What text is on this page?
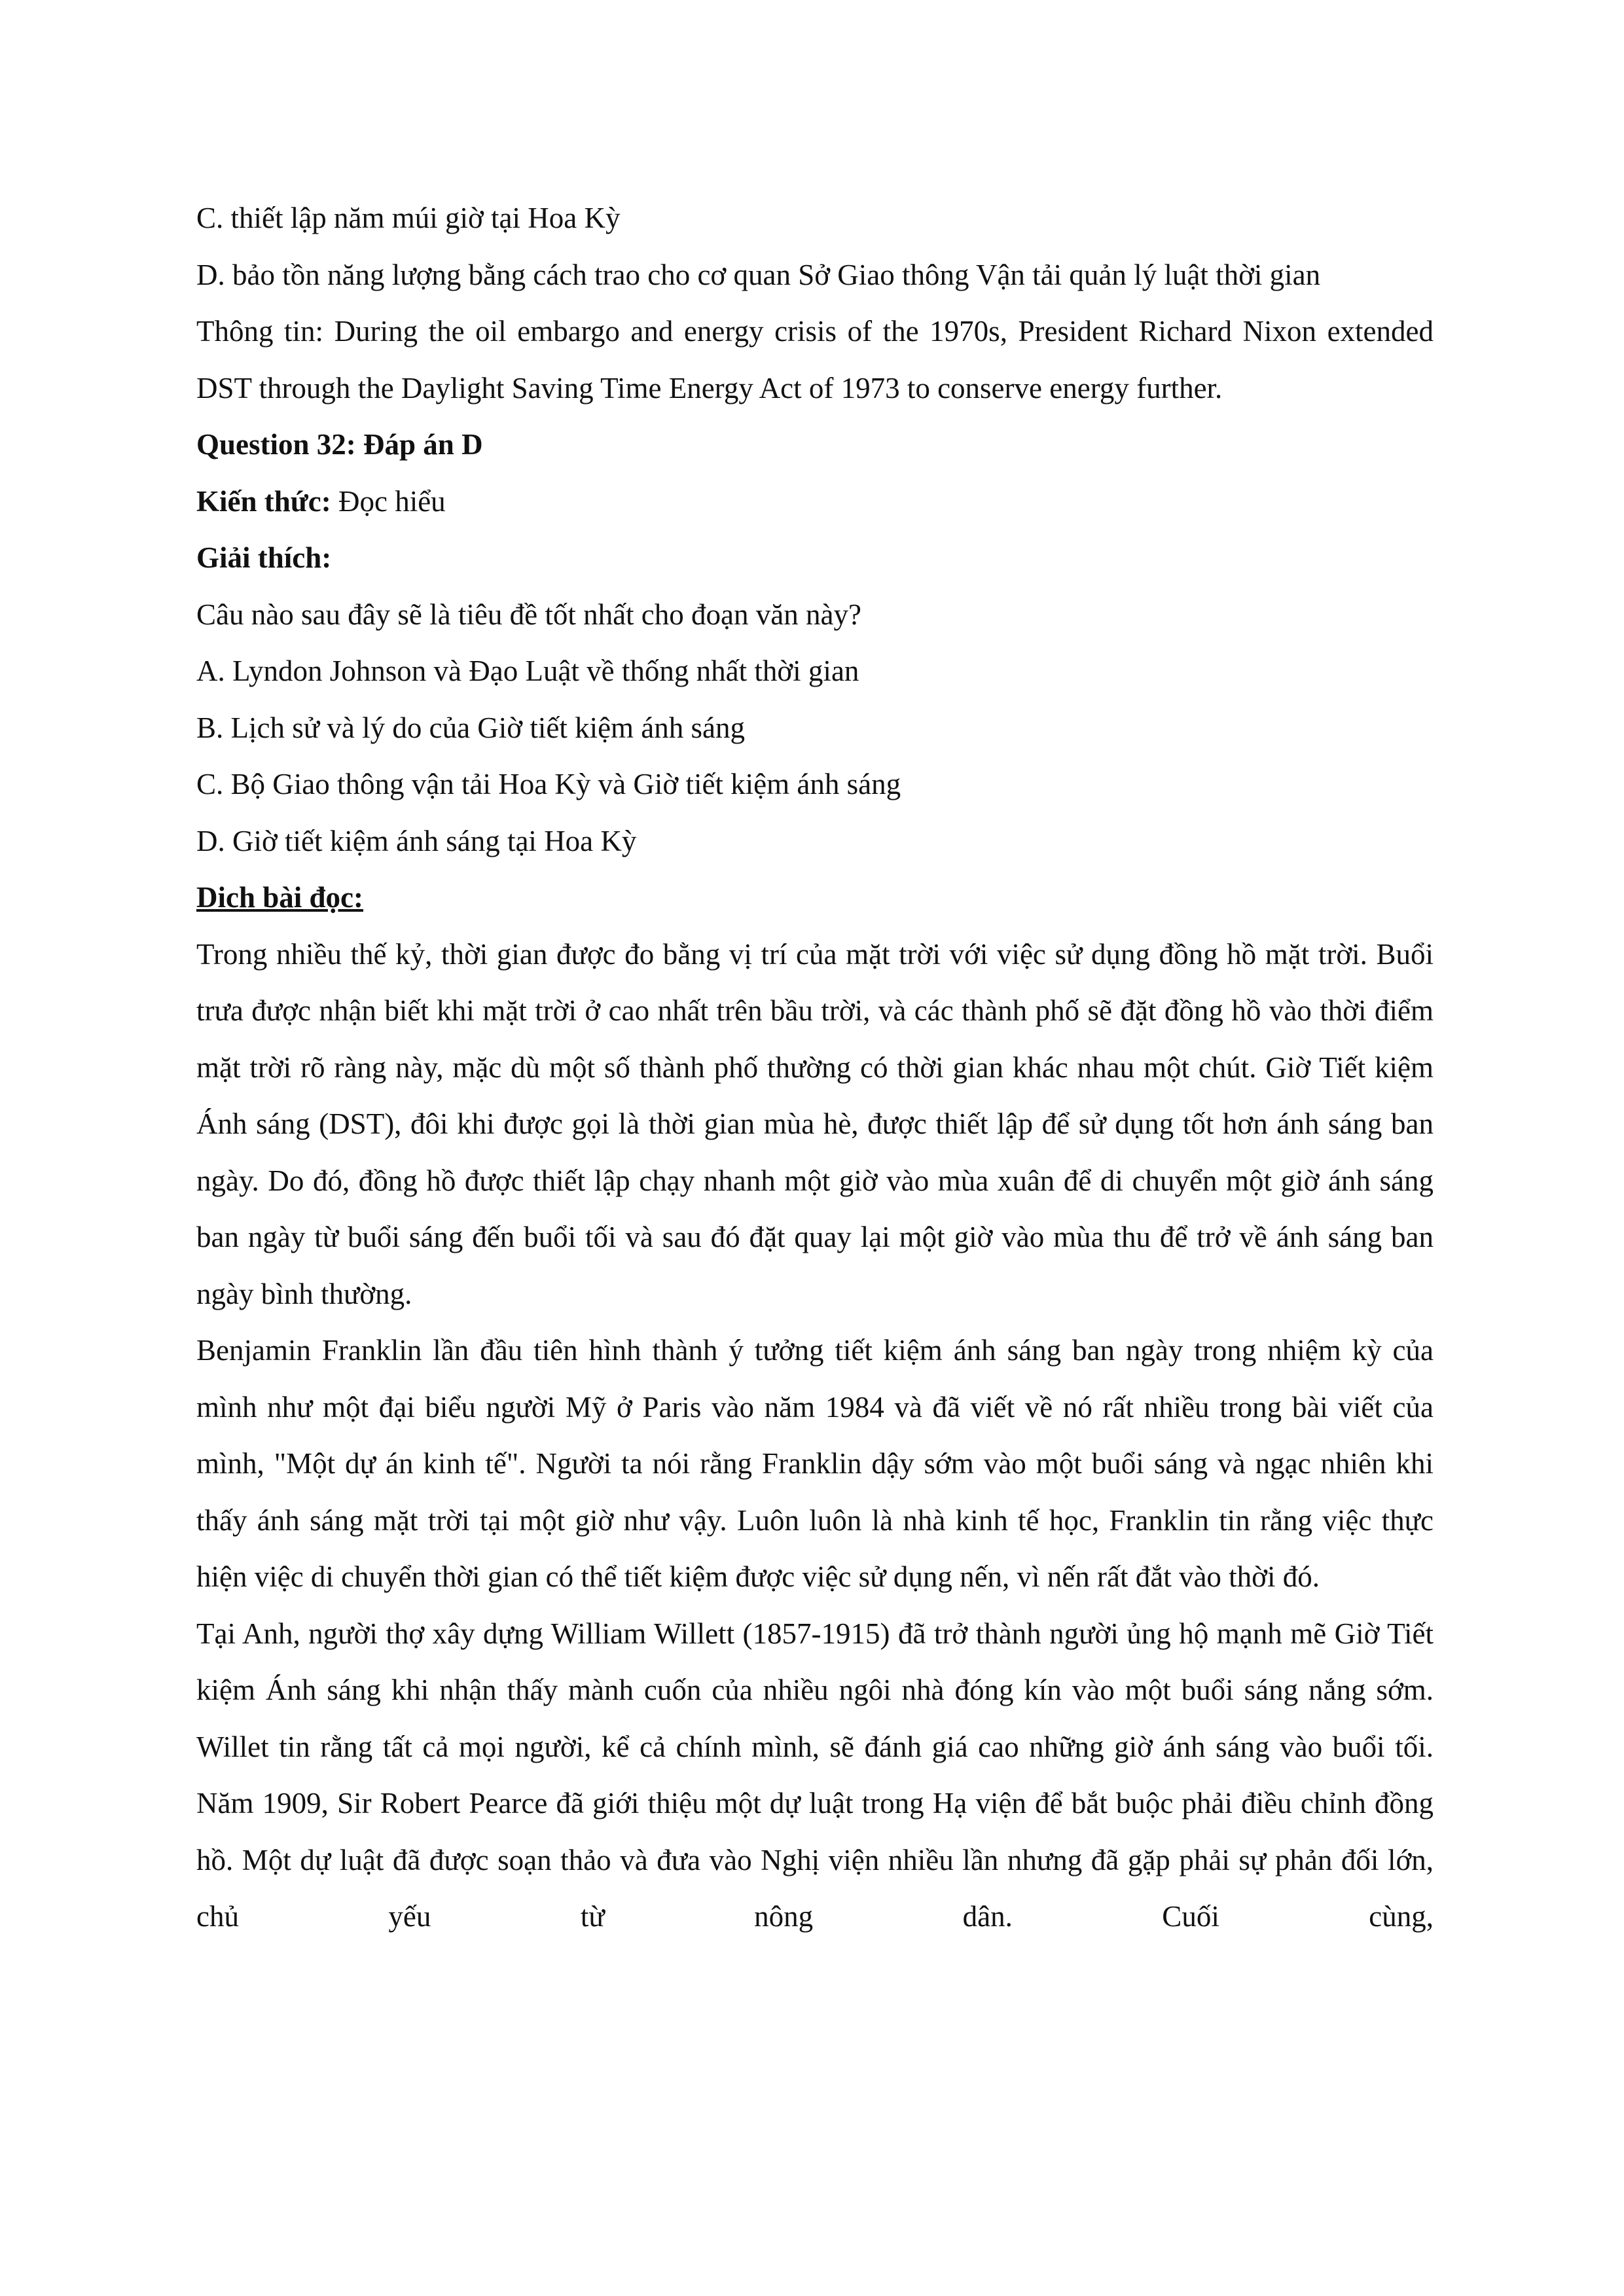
C. thiết lập năm múi giờ tại Hoa Kỳ

D. bảo tồn năng lượng bằng cách trao cho cơ quan Sở Giao thông Vận tải quản lý luật thời gian

Thông tin: During the oil embargo and energy crisis of the 1970s, President Richard Nixon extended DST through the Daylight Saving Time Energy Act of 1973 to conserve energy further.

Question 32: Đáp án D

Kiến thức: Đọc hiểu

Giải thích:

Câu nào sau đây sẽ là tiêu đề tốt nhất cho đoạn văn này?

A. Lyndon Johnson và Đạo Luật về thống nhất thời gian

B. Lịch sử và lý do của Giờ tiết kiệm ánh sáng

C. Bộ Giao thông vận tải Hoa Kỳ và Giờ tiết kiệm ánh sáng

D. Giờ tiết kiệm ánh sáng tại Hoa Kỳ

Dich bài đọc:

Trong nhiều thế kỷ, thời gian được đo bằng vị trí của mặt trời với việc sử dụng đồng hồ mặt trời. Buổi trưa được nhận biết khi mặt trời ở cao nhất trên bầu trời, và các thành phố sẽ đặt đồng hồ vào thời điểm mặt trời rõ ràng này, mặc dù một số thành phố thường có thời gian khác nhau một chút. Giờ Tiết kiệm Ánh sáng (DST), đôi khi được gọi là thời gian mùa hè, được thiết lập để sử dụng tốt hơn ánh sáng ban ngày. Do đó, đồng hồ được thiết lập chạy nhanh một giờ vào mùa xuân để di chuyển một giờ ánh sáng ban ngày từ buổi sáng đến buổi tối và sau đó đặt quay lại một giờ vào mùa thu để trở về ánh sáng ban ngày bình thường.

Benjamin Franklin lần đầu tiên hình thành ý tưởng tiết kiệm ánh sáng ban ngày trong nhiệm kỳ của mình như một đại biểu người Mỹ ở Paris vào năm 1984 và đã viết về nó rất nhiều trong bài viết của mình, "Một dự án kinh tế". Người ta nói rằng Franklin dậy sớm vào một buổi sáng và ngạc nhiên khi thấy ánh sáng mặt trời tại một giờ như vậy. Luôn luôn là nhà kinh tế học, Franklin tin rằng việc thực hiện việc di chuyển thời gian có thể tiết kiệm được việc sử dụng nến, vì nến rất đắt vào thời đó.

Tại Anh, người thợ xây dựng William Willett (1857-1915) đã trở thành người ủng hộ mạnh mẽ Giờ Tiết kiệm Ánh sáng khi nhận thấy mành cuốn của nhiều ngôi nhà đóng kín vào một buổi sáng nắng sớm. Willet tin rằng tất cả mọi người, kể cả chính mình, sẽ đánh giá cao những giờ ánh sáng vào buổi tối. Năm 1909, Sir Robert Pearce đã giới thiệu một dự luật trong Hạ viện để bắt buộc phải điều chỉnh đồng hồ. Một dự luật đã được soạn thảo và đưa vào Nghị viện nhiều lần nhưng đã gặp phải sự phản đối lớn, chủ yếu từ nông dân. Cuối cùng,
